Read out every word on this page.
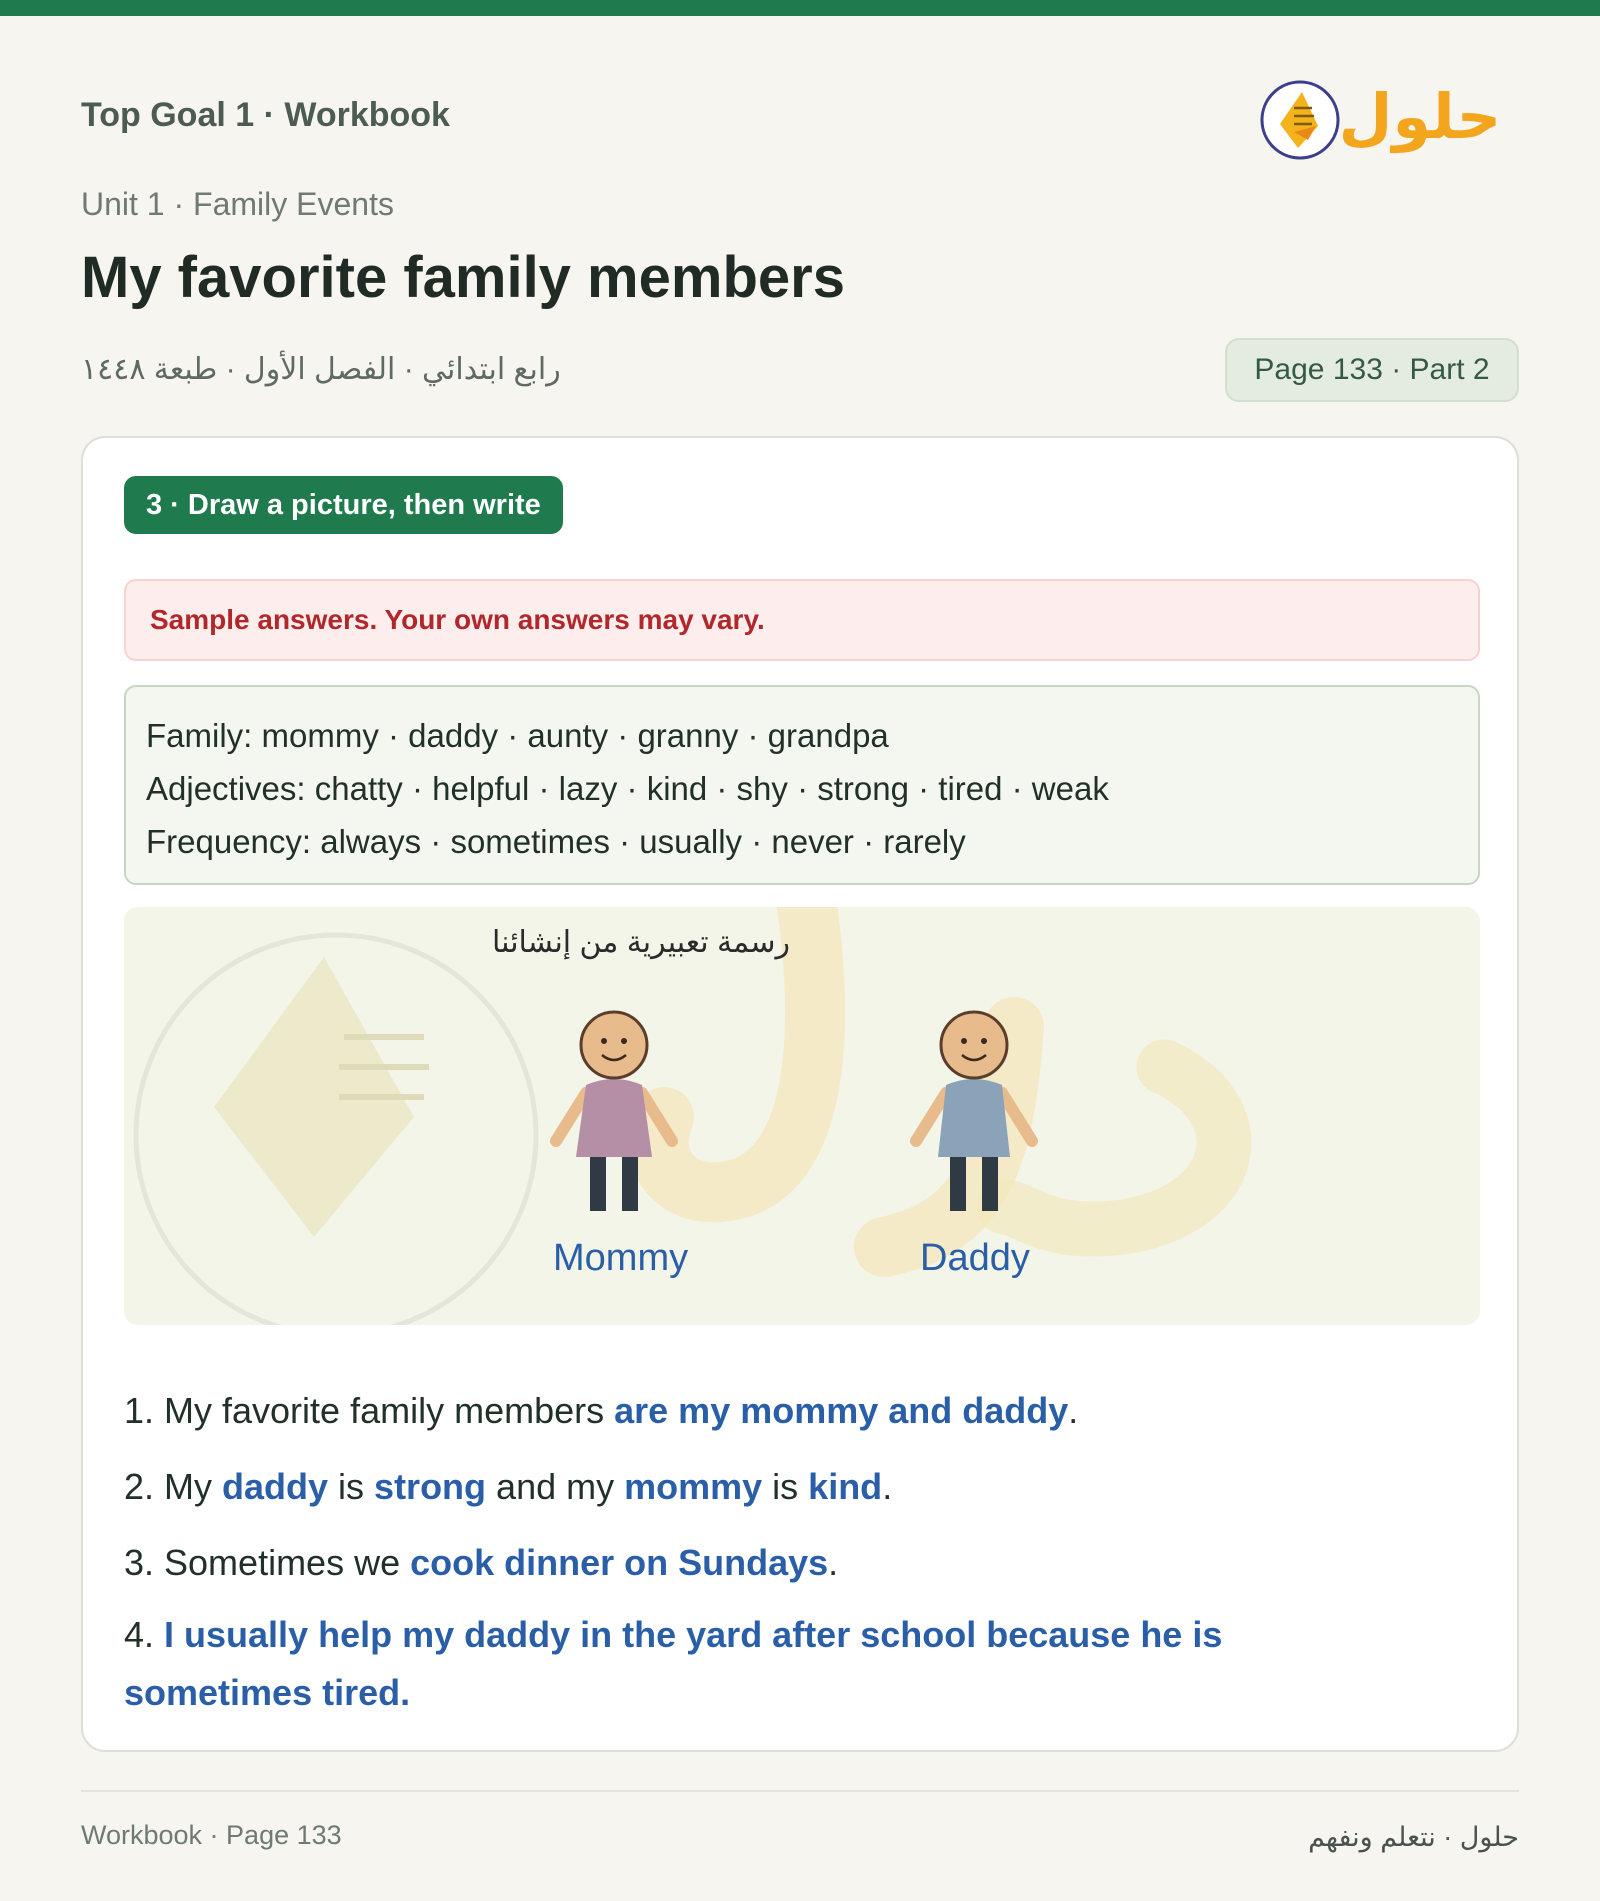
Top Goal 1 · Workbook	حلول
Unit 1 · Family Events
My favorite family members
رابع ابتدائي · الفصل الأول · طبعة ١٤٤٨	Page 133 · Part 2
3 · Draw a picture, then write
Sample answers. Your own answers may vary.
Family: mommy · daddy · aunty · granny · grandpa
Adjectives: chatty · helpful · lazy · kind · shy · strong · tired · weak
Frequency: always · sometimes · usually · never · rarely
رسمة تعبيرية من إنشائنا
Mommy	Daddy
1. My favorite family members are my mommy and daddy.
2. My daddy is strong and my mommy is kind.
3. Sometimes we cook dinner on Sundays.
4. I usually help my daddy in the yard after school because he is sometimes tired.
Workbook · Page 133	حلول · نتعلم ونفهم
